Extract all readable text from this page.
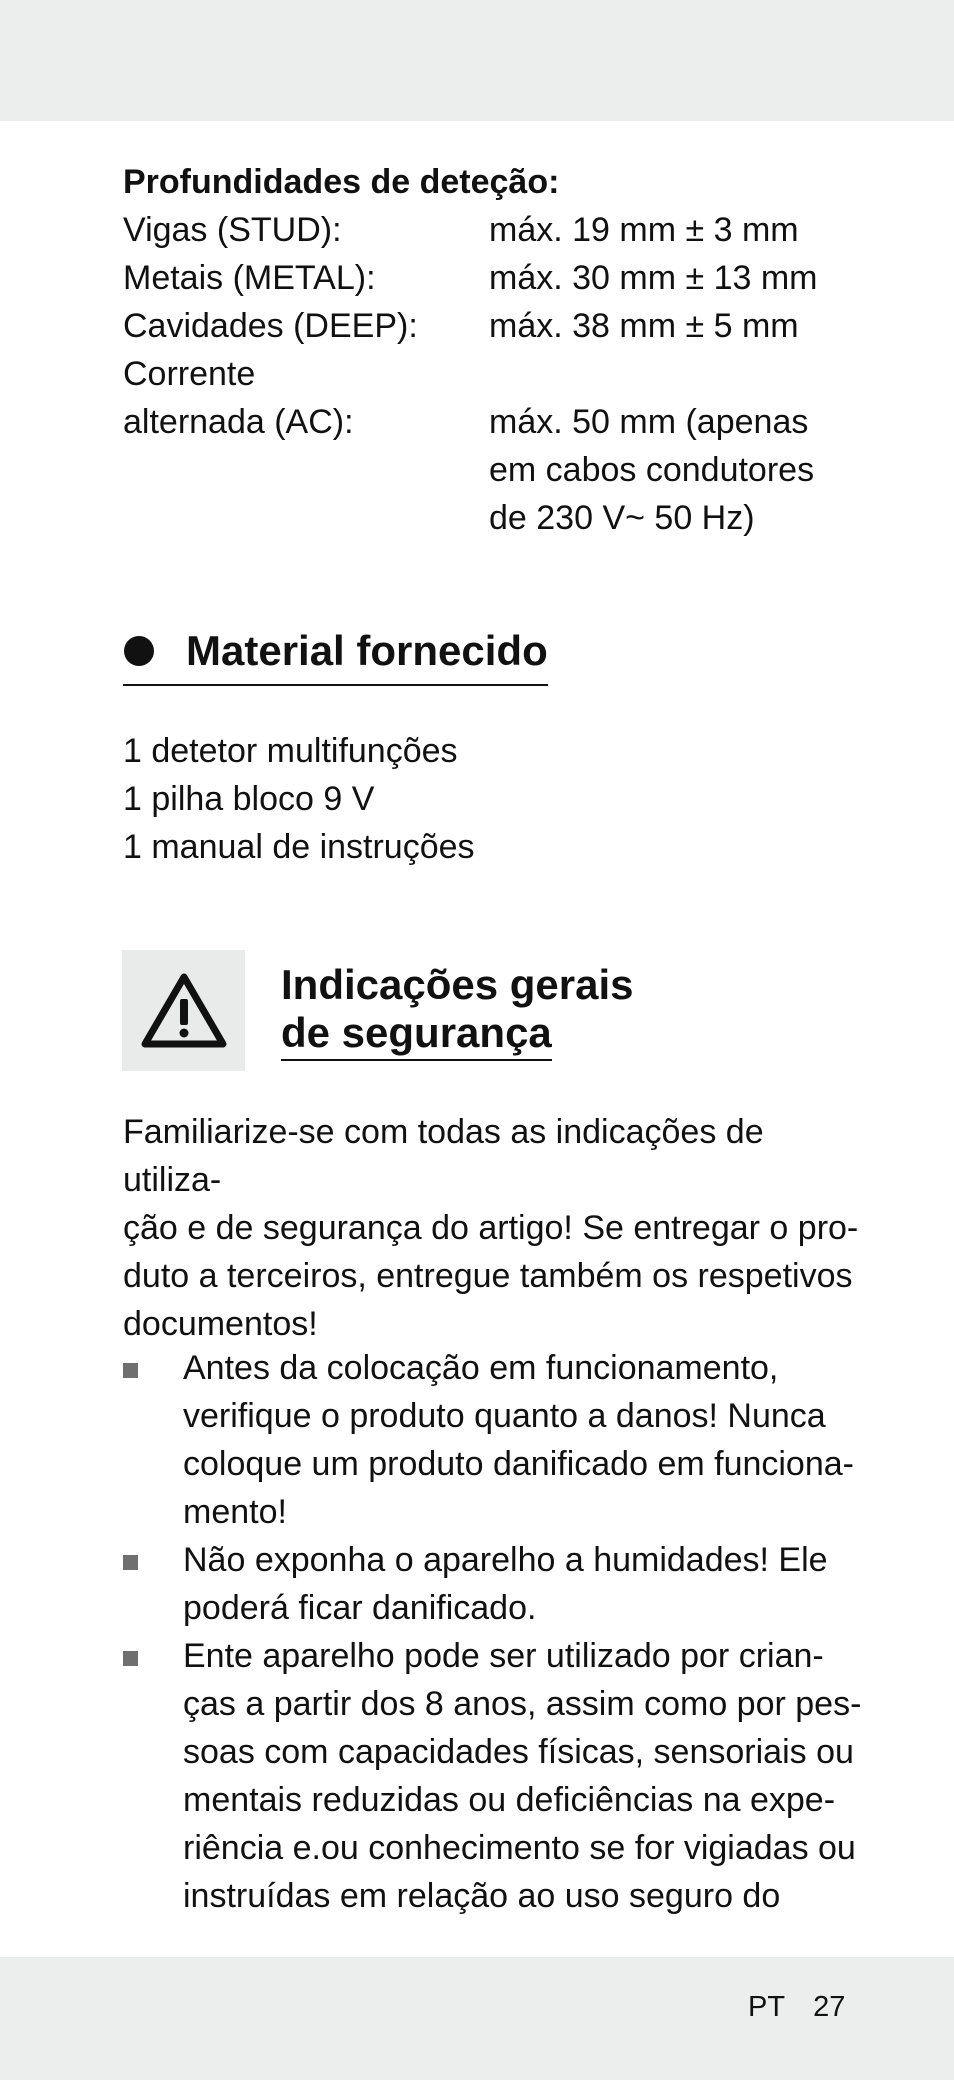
Profundidades de deteção:

Vigas (STUD):	máx. 19 mm ± 3 mm
Metais (METAL):	máx. 30 mm ± 13 mm
Cavidades (DEEP):	máx. 38 mm ± 5 mm
Corrente
alternada (AC):	máx. 50 mm (apenas
em cabos condutores
de 230 V~ 50 Hz)
Material fornecido
1 detetor multifunções
1 pilha bloco 9 V
1 manual de instruções
Indicações gerais
de segurança
Familiarize-se com todas as indicações de utiliza-
ção e de segurança do artigo! Se entregar o pro-
duto a terceiros, entregue também os respetivos
documentos!
Antes da colocação em funcionamento,
verifique o produto quanto a danos! Nunca
coloque um produto danificado em funciona-
mento!
Não exponha o aparelho a humidades! Ele
poderá ficar danificado.
Ente aparelho pode ser utilizado por crian-
ças a partir dos 8 anos, assim como por pes-
soas com capacidades físicas, sensoriais ou
mentais reduzidas ou deficiências na expe-
riência e.ou conhecimento se for vigiadas ou
instruídas em relação ao uso seguro do
PT 27
